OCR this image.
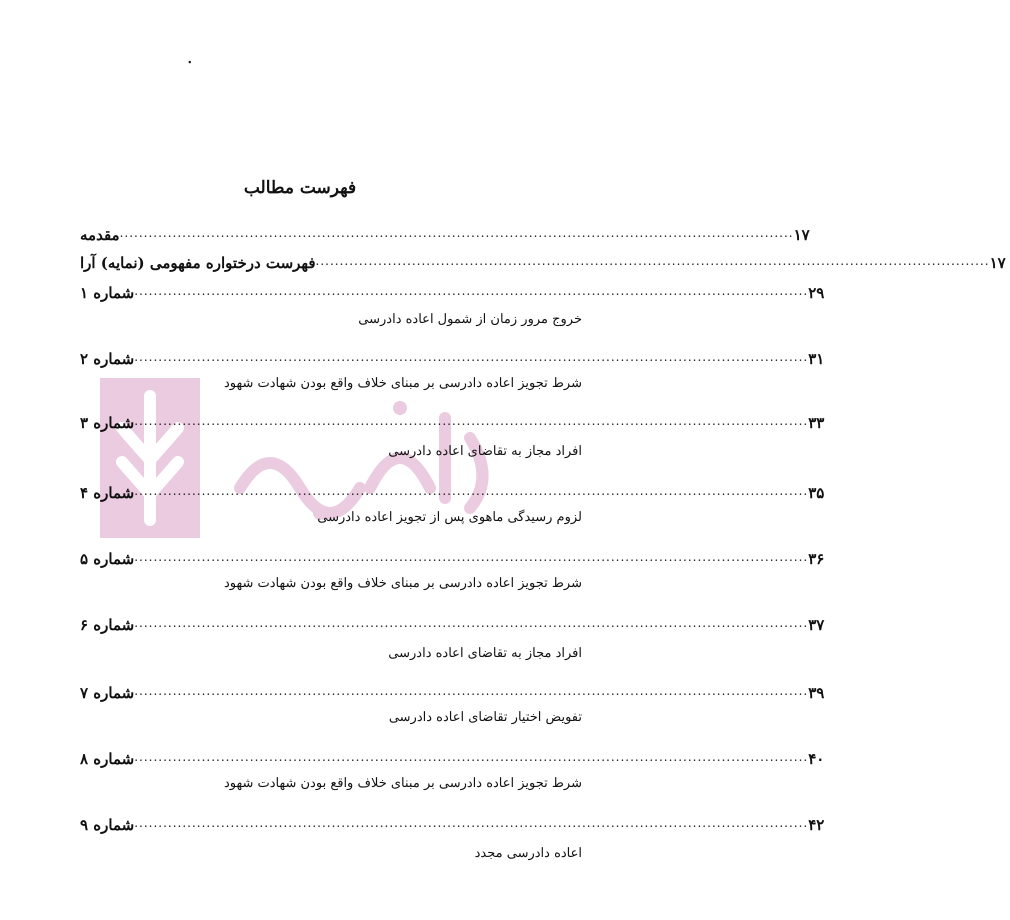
٠
فهرست مطالب
مقدمه ............................................................................................................................................ ۱۷
فهرست درختواره مفهومی (نمایه) آرا ............................................................................................................................................ ۱۷
شماره ۱ ............................................................................................................................................ ۲۹
خروج مرور زمان از شمول اعاده دادرسی
شماره ۲ ............................................................................................................................................ ۳۱
شرط تجویز اعاده دادرسی بر مبنای خلاف واقع بودن شهادت شهود
شماره ۳ ............................................................................................................................................ ۳۳
افراد مجاز به تقاضای اعاده دادرسی
شماره ۴ ............................................................................................................................................ ۳۵
لزوم رسیدگی ماهوی پس از تجویز اعاده دادرسی
شماره ۵ ............................................................................................................................................ ۳۶
شرط تجویز اعاده دادرسی بر مبنای خلاف واقع بودن شهادت شهود
شماره ۶ ............................................................................................................................................ ۳۷
افراد مجاز به تقاضای اعاده دادرسی
شماره ۷ ............................................................................................................................................ ۳۹
تفویض اختیار تقاضای اعاده دادرسی
شماره ۸ ............................................................................................................................................ ۴۰
شرط تجویز اعاده دادرسی بر مبنای خلاف واقع بودن شهادت شهود
شماره ۹ ............................................................................................................................................ ۴۲
اعاده دادرسی مجدد
